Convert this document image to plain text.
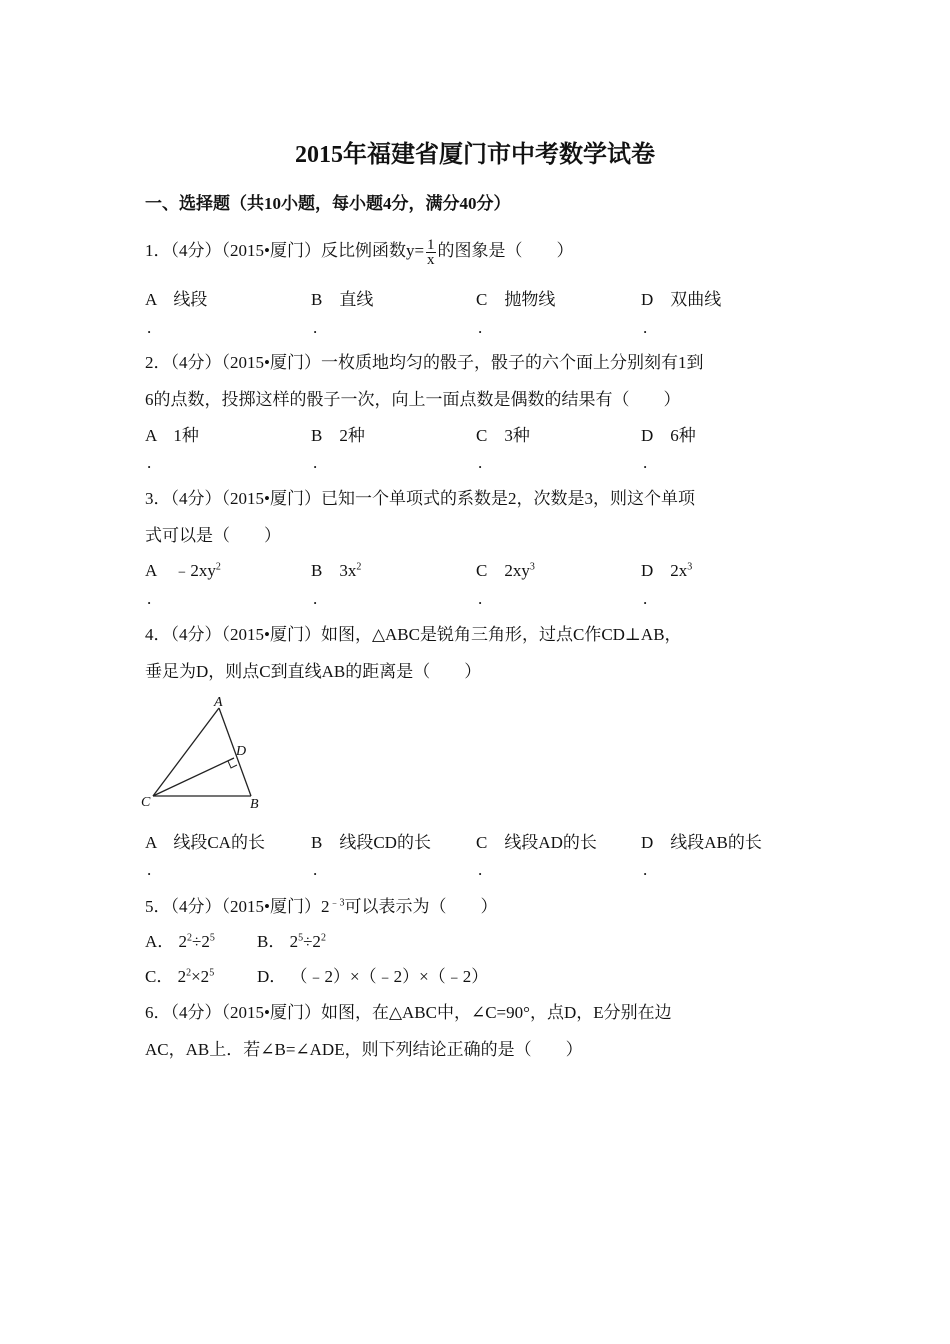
2015年福建省厦门市中考数学试卷
一、选择题（共10小题，每小题4分，满分40分）
1．（4分）（2015•厦门）反比例函数$y= \frac{1}{x}$ 的图象是（　　）
A　线段	B　直线	C　抛物线	D　双曲线
.	.	.	.
2．（4分）（2015•厦门）一枚质地均匀的骰子，骰子的六个面上分别刻有1到
6的点数，投掷这样的骰子一次，向上一面点数是偶数的结果有（　　）
A　1种	B　2种	C　3种	D　6种
.	.	.	.
3．（4分）（2015•厦门）已知一个单项式的系数是2，次数是3，则这个单项
式可以是（　　）
A　$﹣2xy^2$	B　$3x^2$	C　$2xy^3$	D　$2x^3$
.	.	.	.
4．（4分）（2015•厦门）如图，△ABC是锐角三角形，过点C作CD⊥AB，
垂足为D，则点C到直线AB的距离是（　　）
A
D
C	B
A　线段CA的长	B　线段CD的长	C　线段AD的长	D　线段AB的长
.	.	.	.
5．（4分）（2015•厦门）$2^{﹣3}$可以表示为（　　）
A． $2^2\div 2^5$ B． $2^5\div 2^2$
C． $2^2\times 2^5$	D． （﹣2）×（﹣2）×（﹣2）
6．（4分）（2015•厦门）如图，在△ABC中，∠C=90°，点D，E分别在边
AC，AB上．若∠B=∠ADE，则下列结论正确的是（　　）
